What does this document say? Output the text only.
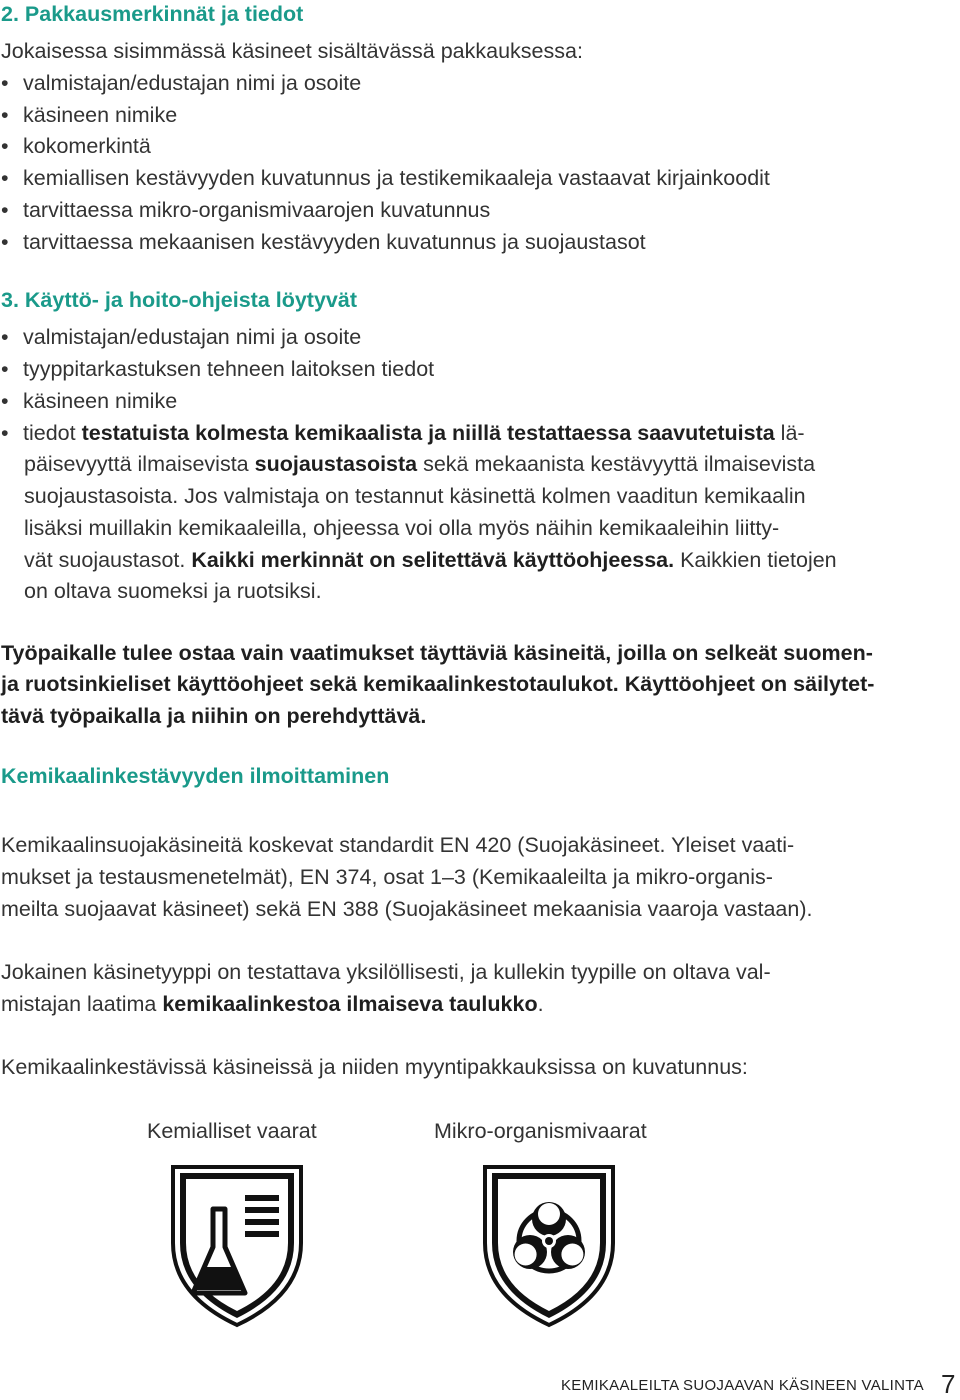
2. Pakkausmerkinnät ja tiedot

Jokaisessa sisimmässä käsineet sisältävässä pakkauksessa:

• valmistajan/edustajan nimi ja osoite

• käsineen nimike

• kokomerkintä

• kemiallisen kestävyyden kuvatunnus ja testikemikaaleja vastaavat kirjainkoodit

• tarvittaessa mikro-organismivaarojen kuvatunnus

• tarvittaessa mekaanisen kestävyyden kuvatunnus ja suojaustasot

3. Käyttö- ja hoito-ohjeista löytyvät

• valmistajan/edustajan nimi ja osoite

• tyyppitarkastuksen tehneen laitoksen tiedot

• käsineen nimike

• tiedot testatuista kolmesta kemikaalista ja niillä testattaessa saavutetuista lä-

päisevyyttä ilmaisevista suojaustasoista sekä mekaanista kestävyyttä ilmaisevista

suojaustasoista. Jos valmistaja on testannut käsinettä kolmen vaaditun kemikaalin

lisäksi muillakin kemikaaleilla, ohjeessa voi olla myös näihin kemikaaleihin liitty-

vät suojaustasot. Kaikki merkinnät on selitettävä käyttöohjeessa. Kaikkien tietojen

on oltava suomeksi ja ruotsiksi.

Työpaikalle tulee ostaa vain vaatimukset täyttäviä käsineitä, joilla on selkeät suomen-

ja ruotsinkieliset käyttöohjeet sekä kemikaalinkestotaulukot. Käyttöohjeet on säilytet-

tävä työpaikalla ja niihin on perehdyttävä.

Kemikaalinkestävyyden ilmoittaminen

Kemikaalinsuojakäsineitä koskevat standardit EN 420 (Suojakäsineet. Yleiset vaati-

mukset ja testausmenetelmät), EN 374, osat 1–3 (Kemikaaleilta ja mikro-organis-

meilta suojaavat käsineet) sekä EN 388 (Suojakäsineet mekaanisia vaaroja vastaan).

Jokainen käsinetyyppi on testattava yksilöllisesti, ja kullekin tyypille on oltava val-

mistajan laatima kemikaalinkestoa ilmaiseva taulukko.

Kemikaalinkestävissä käsineissä ja niiden myyntipakkauksissa on kuvatunnus:

Kemialliset vaarat	Mikro-organismivaarat
KEMIKAALEILTA SUOJAAVAN KÄSINEEN VALINTA 7
